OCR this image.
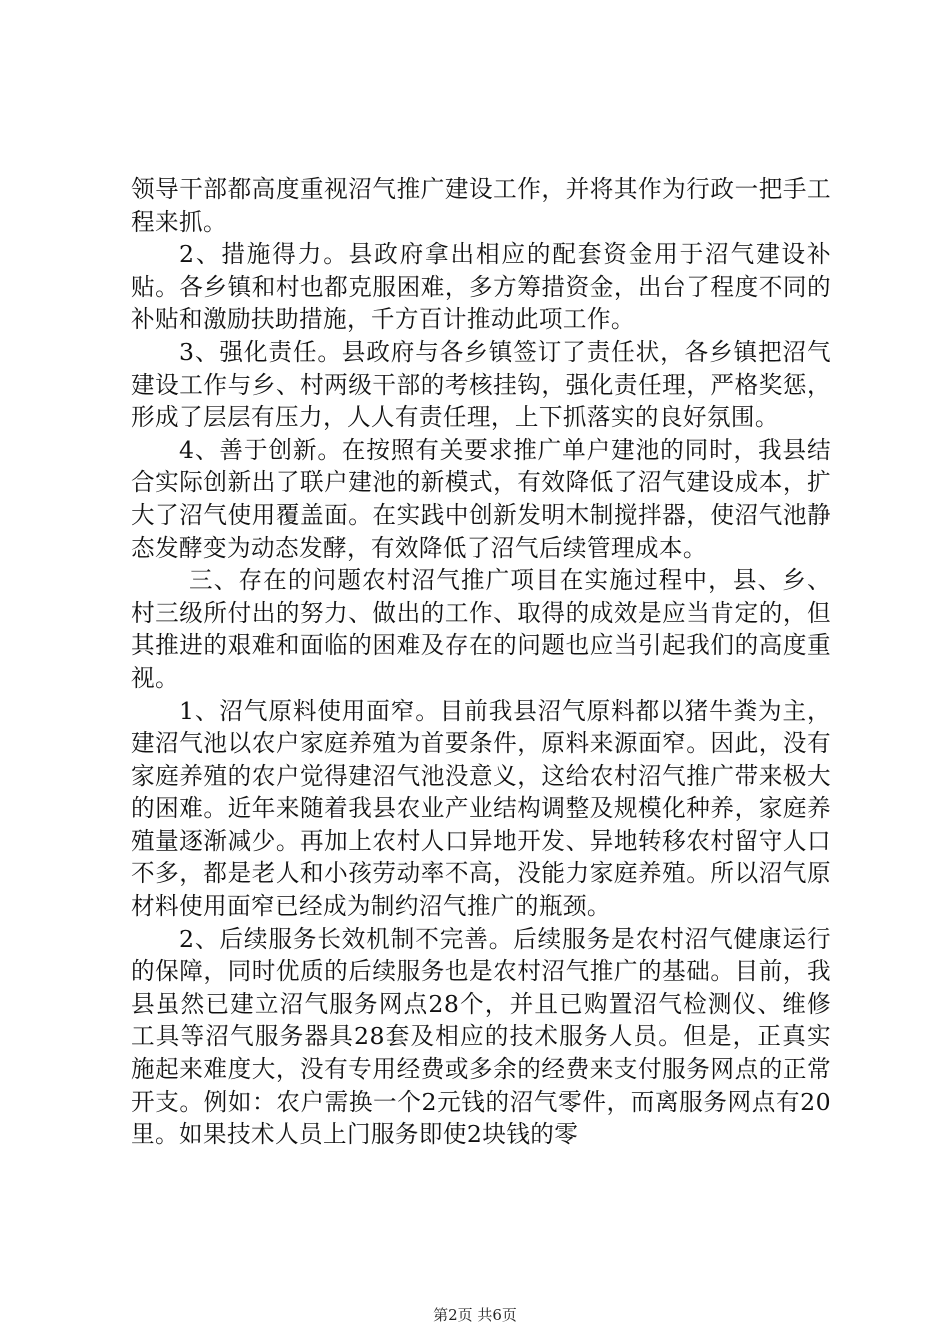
领导干部都高度重视沼气推广建设工作，并将其作为行政一把手工程来抓。

2、措施得力。县政府拿出相应的配套资金用于沼气建设补贴。各乡镇和村也都克服困难，多方筹措资金，出台了程度不同的补贴和激励扶助措施，千方百计推动此项工作。

3、强化责任。县政府与各乡镇签订了责任状，各乡镇把沼气建设工作与乡、村两级干部的考核挂钩，强化责任理，严格奖惩，形成了层层有压力，人人有责任理，上下抓落实的良好氛围。

4、善于创新。在按照有关要求推广单户建池的同时，我县结合实际创新出了联户建池的新模式，有效降低了沼气建设成本，扩大了沼气使用覆盖面。在实践中创新发明木制搅拌器，使沼气池静态发酵变为动态发酵，有效降低了沼气后续管理成本。

三、存在的问题农村沼气推广项目在实施过程中，县、乡、村三级所付出的努力、做出的工作、取得的成效是应当肯定的，但其推进的艰难和面临的困难及存在的问题也应当引起我们的高度重视。

1、沼气原料使用面窄。目前我县沼气原料都以猪牛粪为主，建沼气池以农户家庭养殖为首要条件，原料来源面窄。因此，没有家庭养殖的农户觉得建沼气池没意义，这给农村沼气推广带来极大的困难。近年来随着我县农业产业结构调整及规模化种养，家庭养殖量逐渐减少。再加上农村人口异地开发、异地转移农村留守人口不多，都是老人和小孩劳动率不高，没能力家庭养殖。所以沼气原材料使用面窄已经成为制约沼气推广的瓶颈。

2、后续服务长效机制不完善。后续服务是农村沼气健康运行的保障，同时优质的后续服务也是农村沼气推广的基础。目前，我县虽然已建立沼气服务网点28个，并且已购置沼气检测仪、维修工具等沼气服务器具28套及相应的技术服务人员。但是，正真实施起来难度大，没有专用经费或多余的经费来支付服务网点的正常开支。例如：农户需换一个2元钱的沼气零件，而离服务网点有20里。如果技术人员上门服务即使2块钱的零

第2页 共6页
